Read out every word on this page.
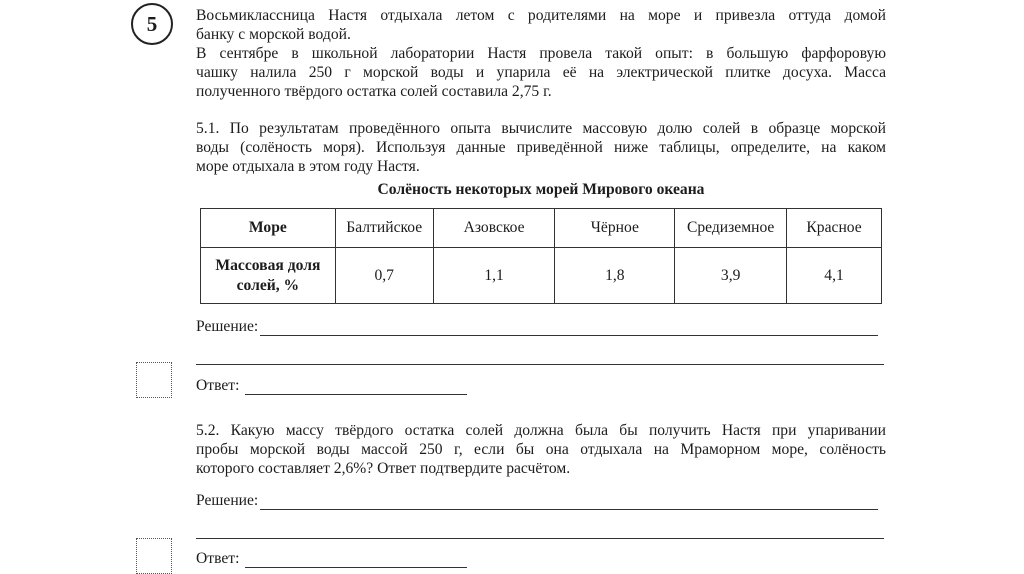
5 Восьмиклассница Настя отдыхала летом с родителями на море и привезла оттуда домой
банку с морской водой.
В сентябре в школьной лаборатории Настя провела такой опыт: в большую фарфоровую
чашку налила 250 г морской воды и упарила её на электрической плитке досуха. Масса
полученного твёрдого остатка солей составила 2,75 г.
5.1. По результатам проведённого опыта вычислите массовую долю солей в образце морской
воды (солёность моря). Используя данные приведённой ниже таблицы, определите, на каком
море отдыхала в этом году Настя.
Солёность некоторых морей Мирового океана
Море	Балтийское	Азовское	Чёрное	Средиземное	Красное
Массовая доля солей, %	0,7	1,1	1,8	3,9	4,1
Решение:
Ответ:
5.2. Какую массу твёрдого остатка солей должна была бы получить Настя при упаривании
пробы морской воды массой 250 г, если бы она отдыхала на Мраморном море, солёность
которого составляет 2,6%? Ответ подтвердите расчётом.
Решение:
Ответ:
